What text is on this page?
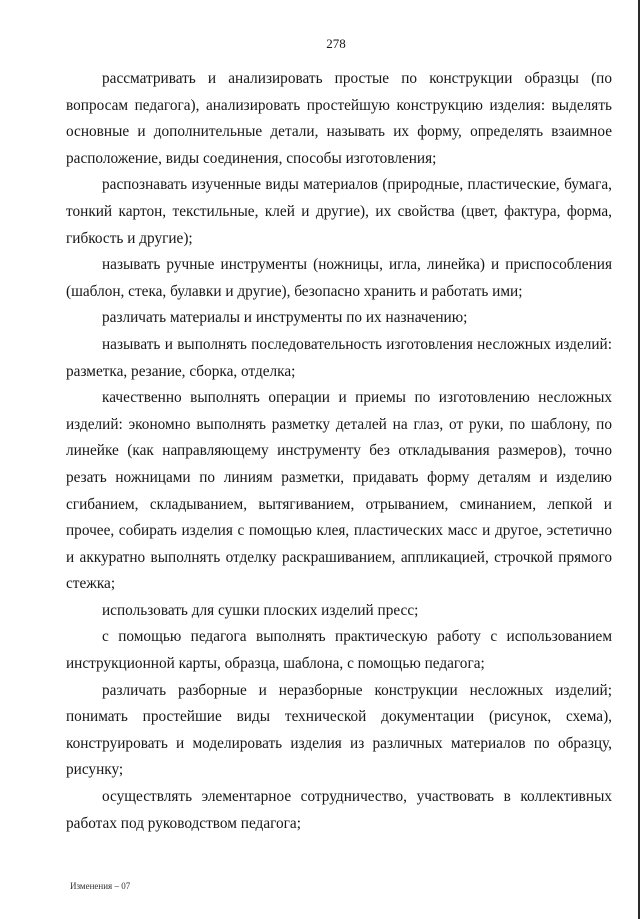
278

рассматривать и анализировать простые по конструкции образцы (по вопросам педагога), анализировать простейшую конструкцию изделия: выделять основные и дополнительные детали, называть их форму, определять взаимное расположение, виды соединения, способы изготовления;

распознавать изученные виды материалов (природные, пластические, бумага, тонкий картон, текстильные, клей и другие), их свойства (цвет, фактура, форма, гибкость и другие);

называть ручные инструменты (ножницы, игла, линейка) и приспособления (шаблон, стека, булавки и другие), безопасно хранить и работать ими;

различать материалы и инструменты по их назначению;

называть и выполнять последовательность изготовления несложных изделий: разметка, резание, сборка, отделка;

качественно выполнять операции и приемы по изготовлению несложных изделий: экономно выполнять разметку деталей на глаз, от руки, по шаблону, по линейке (как направляющему инструменту без откладывания размеров), точно резать ножницами по линиям разметки, придавать форму деталям и изделию сгибанием, складыванием, вытягиванием, отрыванием, сминанием, лепкой и прочее, собирать изделия с помощью клея, пластических масс и другое, эстетично и аккуратно выполнять отделку раскрашиванием, аппликацией, строчкой прямого стежка;

использовать для сушки плоских изделий пресс;

с помощью педагога выполнять практическую работу с использованием инструкционной карты, образца, шаблона, с помощью педагога;

различать разборные и неразборные конструкции несложных изделий; понимать простейшие виды технической документации (рисунок, схема), конструировать и моделировать изделия из различных материалов по образцу, рисунку;

осуществлять элементарное сотрудничество, участвовать в коллективных работах под руководством педагога;

Изменения – 07
